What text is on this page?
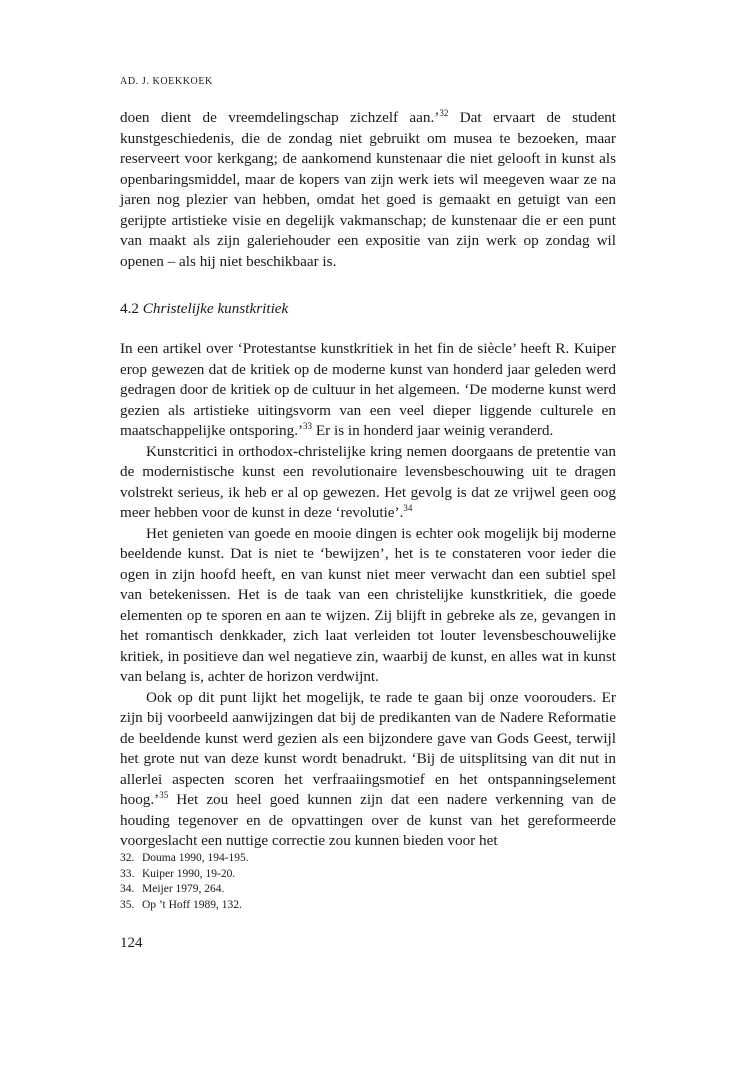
AD. J. KOEKKOEK

doen dient de vreemdelingschap zichzelf aan.’$^{32}$ Dat ervaart de student kunstgeschiedenis, die de zondag niet gebruikt om musea te bezoeken, maar reserveert voor kerkgang; de aankomend kunstenaar die niet gelooft in kunst als openbaringsmiddel, maar de kopers van zijn werk iets wil meegeven waar ze na jaren nog plezier van hebben, omdat het goed is gemaakt en getuigt van een gerijpte artistieke visie en degelijk vakmanschap; de kunstenaar die er een punt van maakt als zijn galeriehouder een expositie van zijn werk op zondag wil openen – als hij niet beschikbaar is.

4.2 Christelijke kunstkritiek

In een artikel over ‘Protestantse kunstkritiek in het fin de siècle’ heeft R. Kuiper erop gewezen dat de kritiek op de moderne kunst van honderd jaar geleden werd gedragen door de kritiek op de cultuur in het algemeen. ‘De moderne kunst werd gezien als artistieke uitingsvorm van een veel dieper liggende culturele en maatschappelijke ontsporing.’$^{33}$ Er is in honderd jaar weinig veranderd.

Kunstcritici in orthodox-christelijke kring nemen doorgaans de pretentie van de modernistische kunst een revolutionaire levensbeschouwing uit te dragen volstrekt serieus, ik heb er al op gewezen. Het gevolg is dat ze vrijwel geen oog meer hebben voor de kunst in deze ‘revolutie’.$^{34}$

Het genieten van goede en mooie dingen is echter ook mogelijk bij moderne beeldende kunst. Dat is niet te ‘bewijzen’, het is te constateren voor ieder die ogen in zijn hoofd heeft, en van kunst niet meer verwacht dan een subtiel spel van betekenissen. Het is de taak van een christelijke kunstkritiek, die goede elementen op te sporen en aan te wijzen. Zij blijft in gebreke als ze, gevangen in het romantisch denkkader, zich laat verleiden tot louter levensbeschouwelijke kritiek, in positieve dan wel negatieve zin, waarbij de kunst, en alles wat in kunst van belang is, achter de horizon verdwijnt.

Ook op dit punt lijkt het mogelijk, te rade te gaan bij onze voorouders. Er zijn bij voorbeeld aanwijzingen dat bij de predikanten van de Nadere Reformatie de beeldende kunst werd gezien als een bijzondere gave van Gods Geest, terwijl het grote nut van deze kunst wordt benadrukt. ‘Bij de uitsplitsing van dit nut in allerlei aspecten scoren het verfraaiingsmotief en het ontspanningselement hoog.’$^{35}$ Het zou heel goed kunnen zijn dat een nadere verkenning van de houding tegenover en de opvattingen over de kunst van het gereformeerde voorgeslacht een nuttige correctie zou kunnen bieden voor het

32. Douma 1990, 194-195.
33. Kuiper 1990, 19-20.
34. Meijer 1979, 264.
35. Op ’t Hoff 1989, 132.
124
